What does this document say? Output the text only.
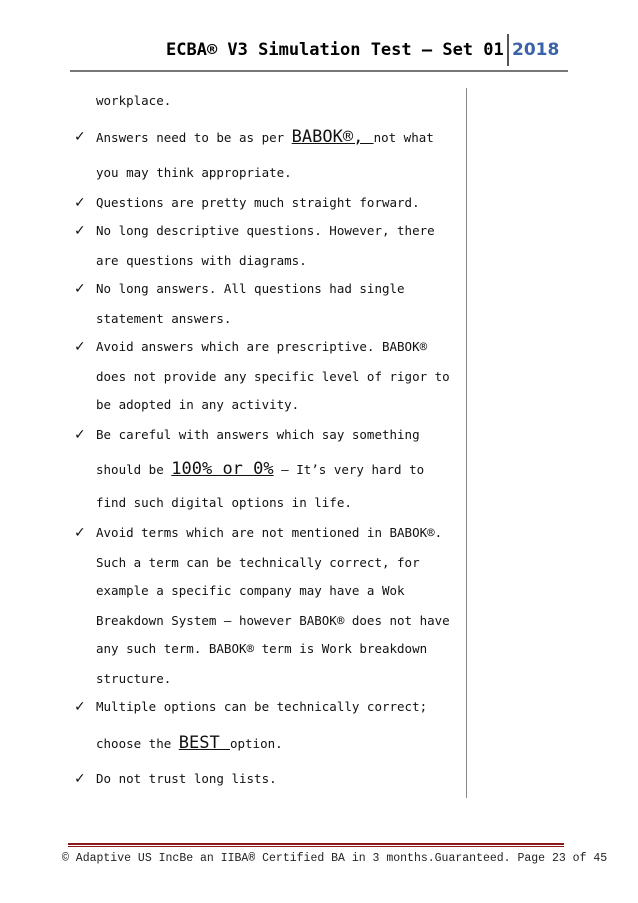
ECBA® V3 Simulation Test – Set 01 2018
workplace.
✓ Answers need to be as per BABOK®, not what
you may think appropriate.
✓ Questions are pretty much straight forward.
✓ No long descriptive questions. However, there
are questions with diagrams.
✓ No long answers. All questions had single
statement answers.
✓ Avoid answers which are prescriptive. BABOK®
does not provide any specific level of rigor to
be adopted in any activity.
✓ Be careful with answers which say something
should be 100% or 0% – It’s very hard to
find such digital options in life.
✓ Avoid terms which are not mentioned in BABOK®.
Such a term can be technically correct, for
example a specific company may have a Wok
Breakdown System – however BABOK® does not have
any such term. BABOK® term is Work breakdown
structure.
✓ Multiple options can be technically correct;
choose the BEST option.
✓ Do not trust long lists.
© Adaptive US IncBe an IIBA® Certified BA in 3 months.Guaranteed. Page 23 of 45
